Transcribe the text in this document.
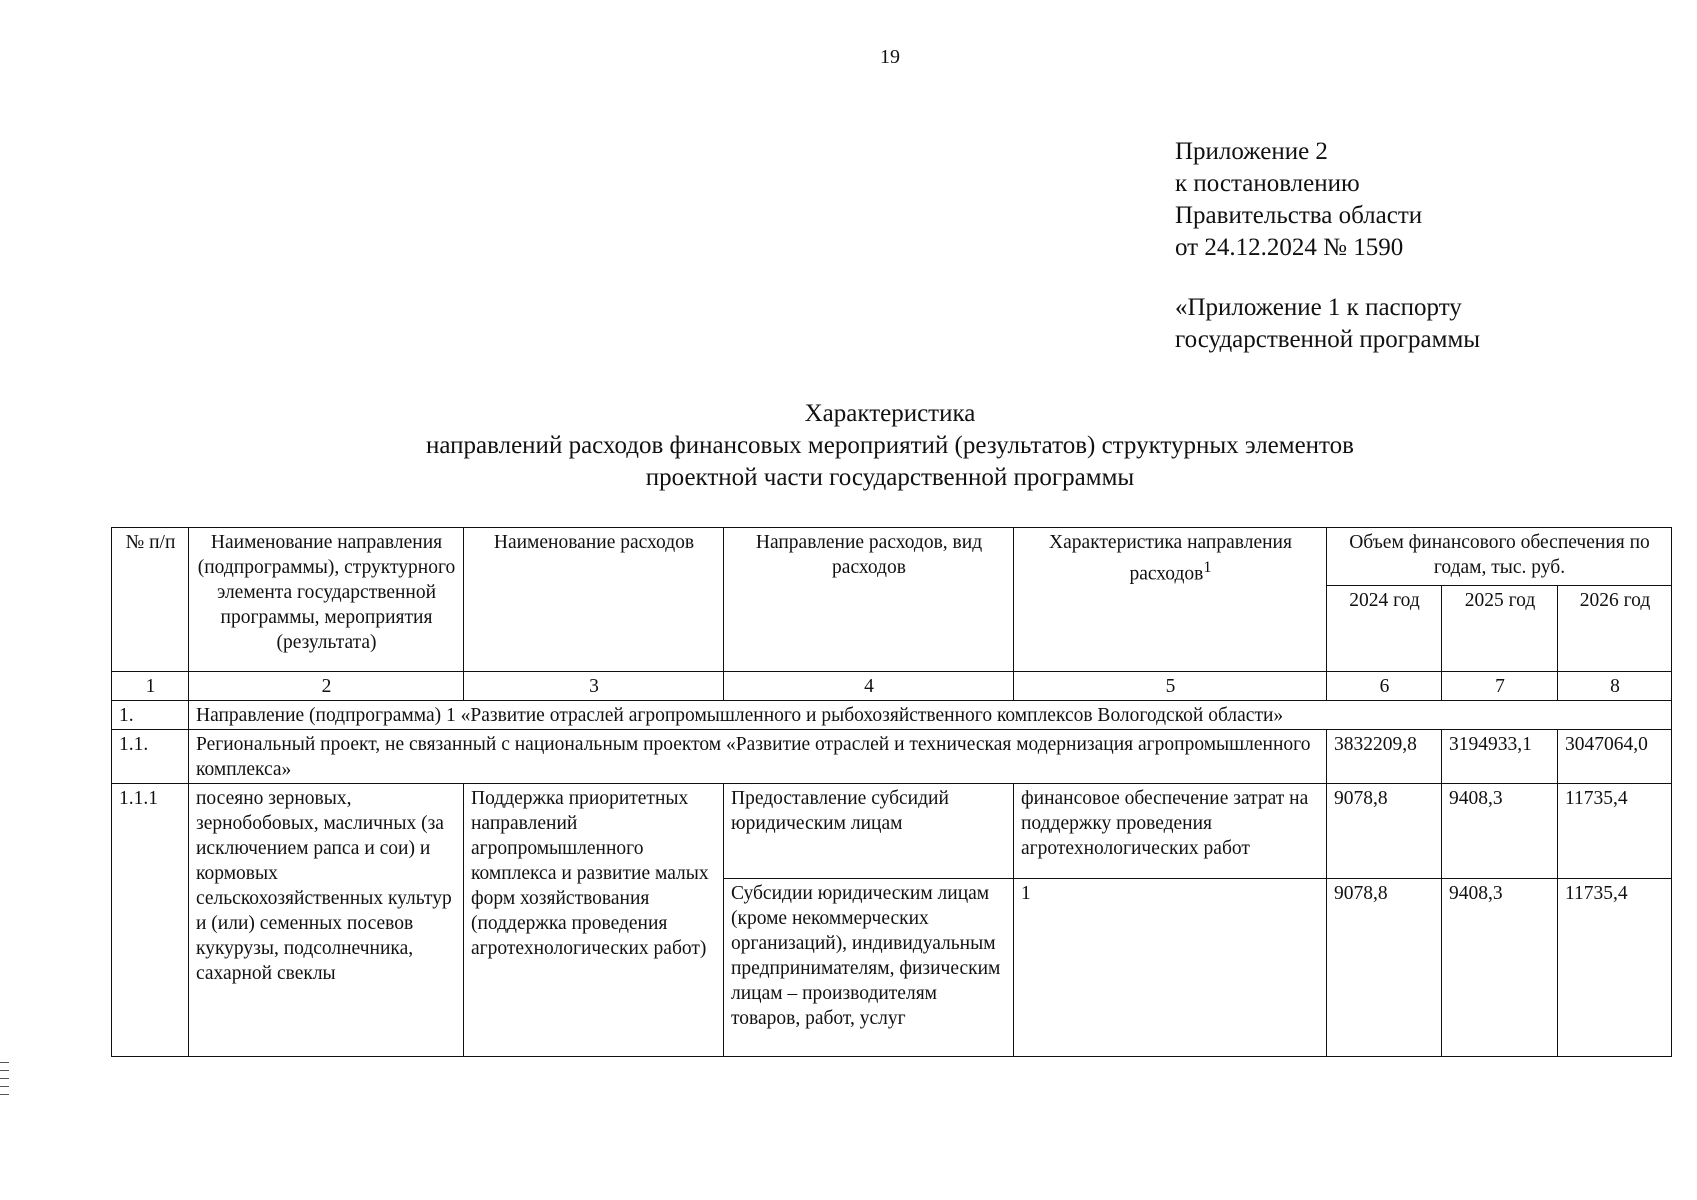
19
Приложение 2
к постановлению
Правительства области
от 24.12.2024 № 1590
«Приложение 1 к паспорту
государственной программы
Характеристика
направлений расходов финансовых мероприятий (результатов) структурных элементов
проектной части государственной программы
№ п/п	Наименование направления (подпрограммы), структурного элемента государственной программы, мероприятия (результата)	Наименование расходов	Направление расходов, вид расходов	Характеристика направления расходов$^1$	Объем финансового обеспечения по годам, тыс. руб.		
					2024 год	2025 год	2026 год
1	2	3	4	5	6	7	8
1.	Направление (подпрограмма) 1 «Развитие отраслей агропромышленного и рыбохозяйственного комплексов Вологодской области»						
1.1.	Региональный проект, не связанный с национальным проектом «Развитие отраслей и техническая модернизация агропромышленного комплекса»				3832209,8	3194933,1	3047064,0
1.1.1	посеяно зерновых, зернобобовых, масличных (за исключением рапса и сои) и кормовых сельскохозяйственных культур и (или) семенных посевов кукурузы, подсолнечника, сахарной свеклы	Поддержка приоритетных направлений агропромышленного комплекса и развитие малых форм хозяйствования (поддержка проведения агротехнологических работ)	Предоставление субсидий юридическим лицам	финансовое обеспечение затрат на поддержку проведения агротехнологических работ	9078,8	9408,3	11735,4
			Субсидии юридическим лицам (кроме некоммерческих организаций), индивидуальным предпринимателям, физическим лицам – производителям товаров, работ, услуг	1	9078,8	9408,3	11735,4
